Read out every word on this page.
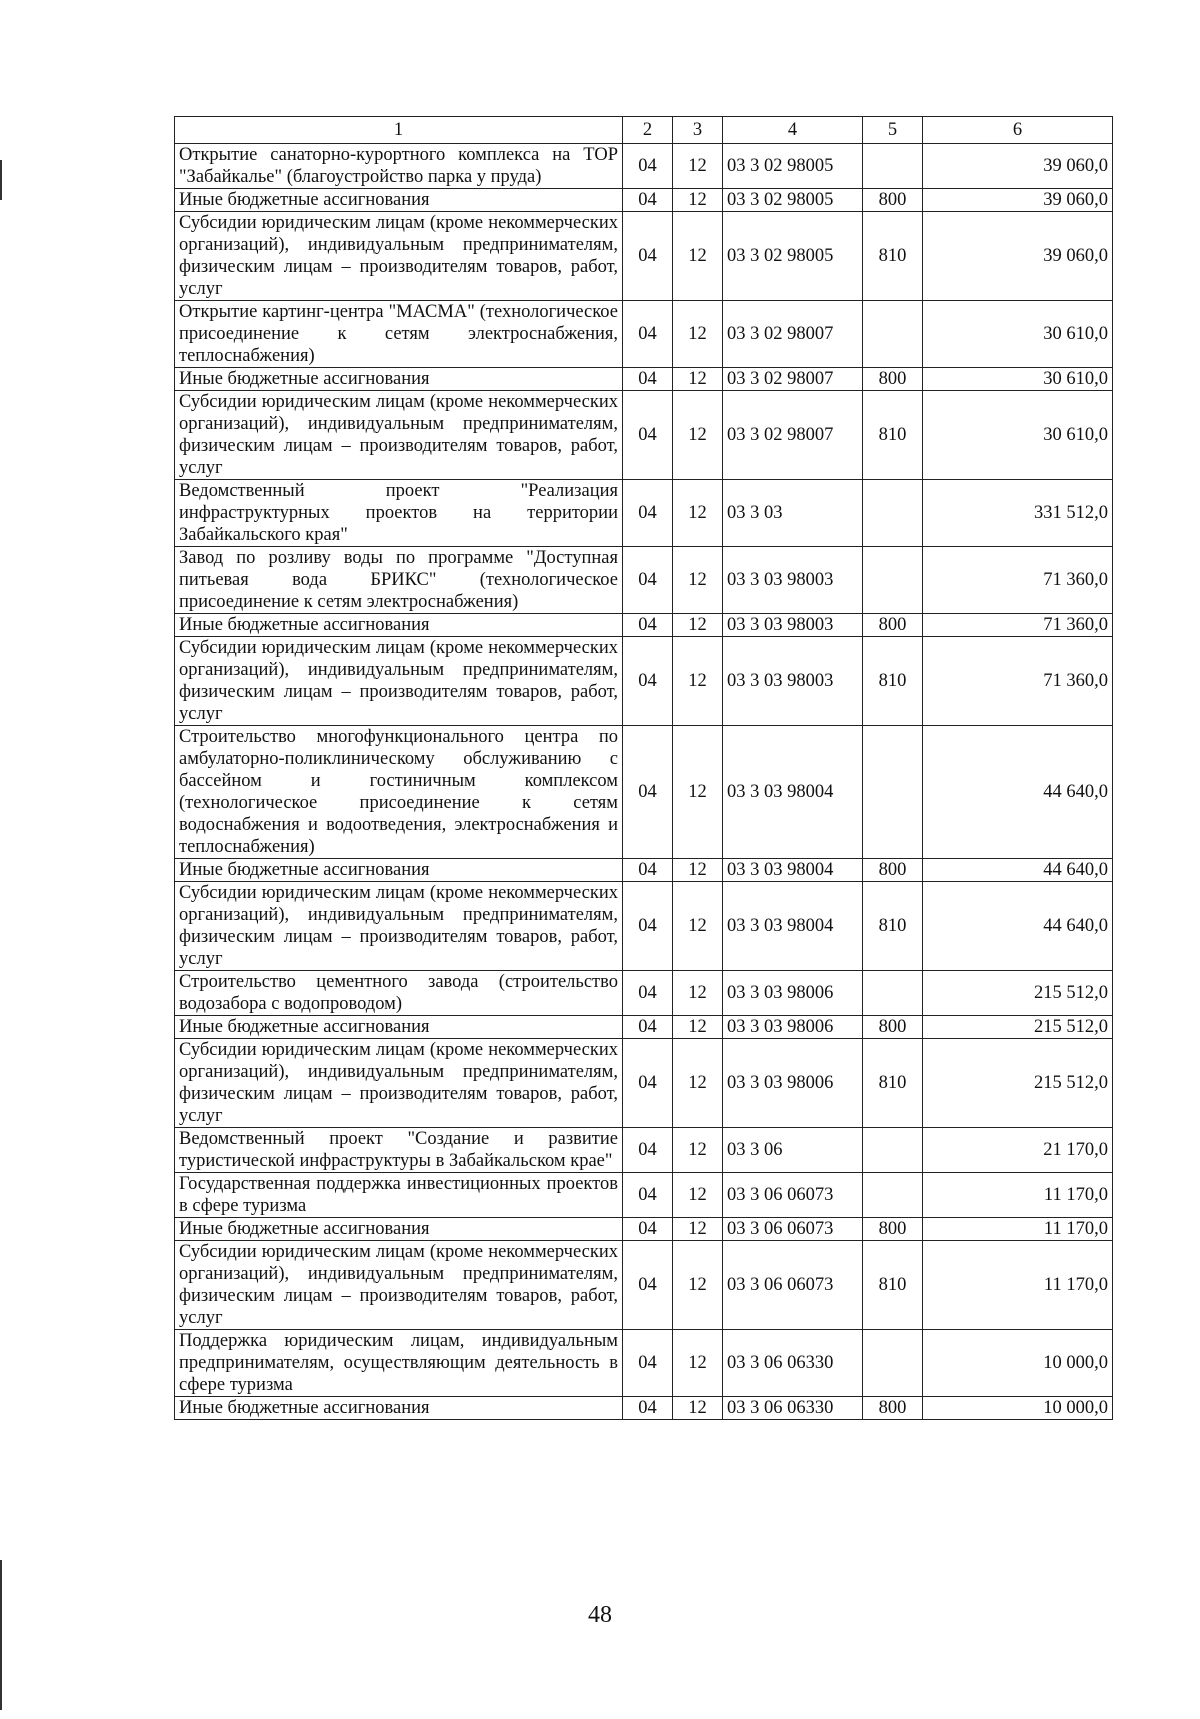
1	2	3	4	5	6
Открытие санаторно-курортного комплекса на ТОР "Забайкалье" (благоустройство парка у пруда)	04	12	03 3 02 98005		39 060,0
Иные бюджетные ассигнования	04	12	03 3 02 98005	800	39 060,0
Субсидии юридическим лицам (кроме некоммерческих организаций), индивидуальным предпринимателям, физическим лицам – производителям товаров, работ, услуг	04	12	03 3 02 98005	810	39 060,0
Открытие картинг-центра "МАСМА" (технологическое присоединение к сетям электроснабжения, теплоснабжения)	04	12	03 3 02 98007		30 610,0
Иные бюджетные ассигнования	04	12	03 3 02 98007	800	30 610,0
Субсидии юридическим лицам (кроме некоммерческих организаций), индивидуальным предпринимателям, физическим лицам – производителям товаров, работ, услуг	04	12	03 3 02 98007	810	30 610,0
Ведомственный проект "Реализация инфраструктурных проектов на территории Забайкальского края"	04	12	03 3 03		331 512,0
Завод по розливу воды по программе "Доступная питьевая вода БРИКС" (технологическое присоединение к сетям электроснабжения)	04	12	03 3 03 98003		71 360,0
Иные бюджетные ассигнования	04	12	03 3 03 98003	800	71 360,0
Субсидии юридическим лицам (кроме некоммерческих организаций), индивидуальным предпринимателям, физическим лицам – производителям товаров, работ, услуг	04	12	03 3 03 98003	810	71 360,0
Строительство многофункционального центра по амбулаторно-поликлиническому обслуживанию с бассейном и гостиничным комплексом (технологическое присоединение к сетям водоснабжения и водоотведения, электроснабжения и теплоснабжения)	04	12	03 3 03 98004		44 640,0
Иные бюджетные ассигнования	04	12	03 3 03 98004	800	44 640,0
Субсидии юридическим лицам (кроме некоммерческих организаций), индивидуальным предпринимателям, физическим лицам – производителям товаров, работ, услуг	04	12	03 3 03 98004	810	44 640,0
Строительство цементного завода (строительство водозабора с водопроводом)	04	12	03 3 03 98006		215 512,0
Иные бюджетные ассигнования	04	12	03 3 03 98006	800	215 512,0
Субсидии юридическим лицам (кроме некоммерческих организаций), индивидуальным предпринимателям, физическим лицам – производителям товаров, работ, услуг	04	12	03 3 03 98006	810	215 512,0
Ведомственный проект "Создание и развитие туристической инфраструктуры в Забайкальском крае"	04	12	03 3 06		21 170,0
Государственная поддержка инвестиционных проектов в сфере туризма	04	12	03 3 06 06073		11 170,0
Иные бюджетные ассигнования	04	12	03 3 06 06073	800	11 170,0
Субсидии юридическим лицам (кроме некоммерческих организаций), индивидуальным предпринимателям, физическим лицам – производителям товаров, работ, услуг	04	12	03 3 06 06073	810	11 170,0
Поддержка юридическим лицам, индивидуальным предпринимателям, осуществляющим деятельность в сфере туризма	04	12	03 3 06 06330		10 000,0
Иные бюджетные ассигнования	04	12	03 3 06 06330	800	10 000,0
48
